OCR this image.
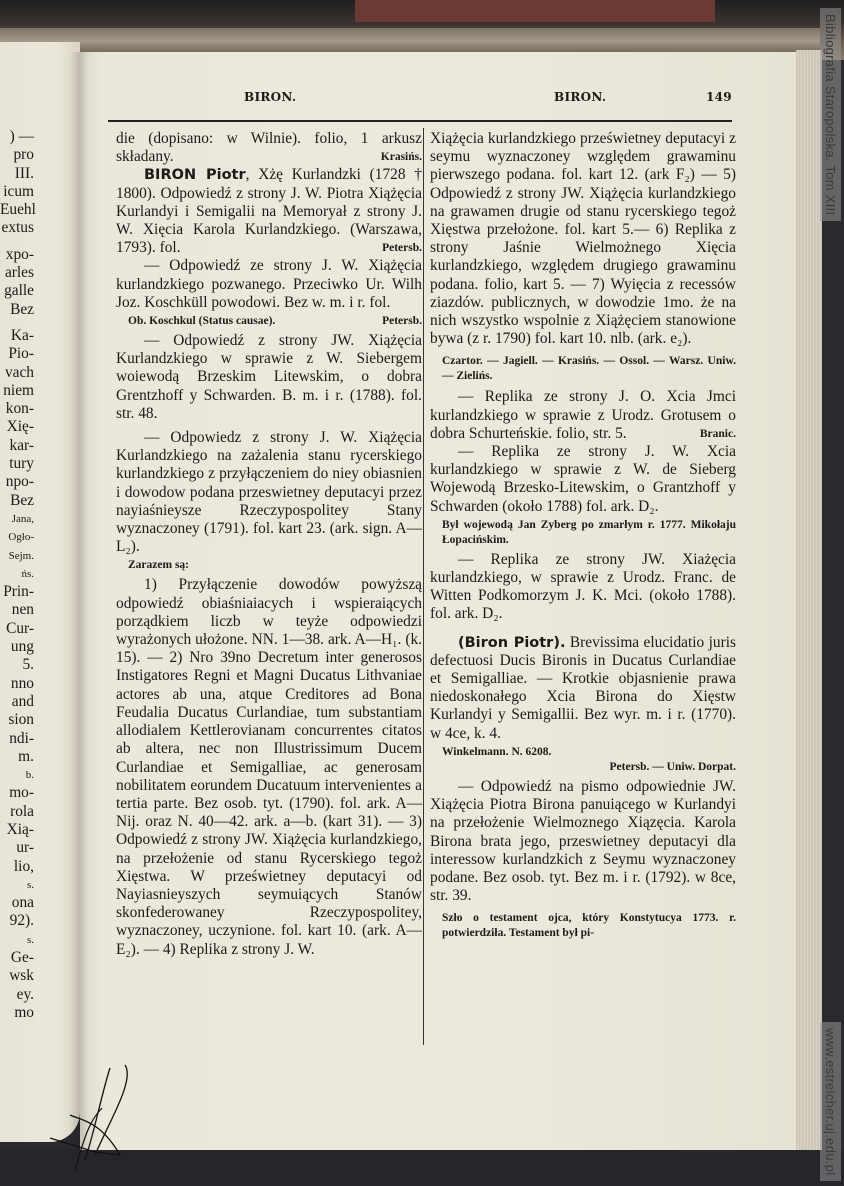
) —
pro
III.
icum
Euehl
extus
xpo-
arles
galle
Bez
Ka-
Pio-
vach
niem
kon-
Xię-
kar-
tury
npo-
Bez
Jana,
Ogło-
Sejm.
ńs.
Prin-
nen
Cur-
ung
5.
nno
and
sion
ndi-
m.
b.
mo-
rola
Xią-
ur-
lio,
s.
ona
92).
s.
Ge-
wsk
ey.
mo
BIRON.	BIRON.	149

die (dopisano: w Wilnie). folio, 1 arkusz składany.	Krasińs.

BIRON Piotr, Xżę Kurlandzki (1728 † 1800). Odpowiedź z strony J. W. Piotra Xiążęcia Kurlandyi i Semigalii na Memoryał z strony J. W. Xięcia Karola Kurlandzkiego. (Warszawa, 1793). fol.	Petersb.

— Odpowiedź ze strony J. W. Xiążęcia kurlandzkiego pozwanego. Przeciwko Ur. Wilh Joz. Koschküll powodowi. Bez w. m. i r. fol.

Ob. Koschkul (Status causae).	Petersb.

— Odpowiedź z strony JW. Xiążęcia Kurlandzkiego w sprawie z W. Siebergem woiewodą Brzeskim Litewskim, o dobra Grentzhoff y Schwarden. B. m. i r. (1788). fol. str. 48.

— Odpowiedz z strony J. W. Xiążęcia Kurlandzkiego na zażalenia stanu rycerskiego kurlandzkiego z przyłączeniem do niey obiasnien i dowodow podana przeswietney deputacyi przez nayiaśnieysze Rzeczypospolitey Stany wyznaczoney (1791). fol. kart 23. (ark. sign. A—L₂).

Zarazem są:

1) Przyłączenie dowodów powyższą odpowiedź obiaśniaiacych i wspieraiących porządkiem liczb w teyże odpowiedzi wyrażonych ułożone. NN. 1—38. ark. A—H₁. (k. 15). — 2) Nro 39no Decretum inter generosos Instigatores Regni et Magni Ducatus Lithvaniae actores ab una, atque Creditores ad Bona Feudalia Ducatus Curlandiae, tum substantiam allodialem Kettlerovianam concurrentes citatos ab altera, nec non Illustrissimum Ducem Curlandiae et Semigalliae, ac generosam nobilitatem eorundem Ducatuum intervenientes a tertia parte. Bez osob. tyt. (1790). fol. ark. A—Nij. oraz N. 40—42. ark. a—b. (kart 31). — 3) Odpowiedź z strony JW. Xiążęcia kurlandzkiego, na przełożenie od stanu Rycerskiego tegoż Xięstwa. W prześwietney deputacyi od Nayiasnieyszych seymuiących Stanów skonfederowaney Rzeczypospolitey, wyznaczoney, uczynione. fol. kart 10. (ark. A—E₂). — 4) Replika z strony J. W.

Xiążęcia kurlandzkiego prześwietney deputacyi z seymu wyznaczoney względem grawaminu pierwszego podana. fol. kart 12. (ark F₂) — 5) Odpowiedź z strony JW. Xiążęcia kurlandzkiego na grawamen drugie od stanu rycerskiego tegoż Xięstwa przełożone. fol. kart 5.— 6) Replika z strony Jaśnie Wielmożnego Xięcia kurlandzkiego, względem drugiego grawaminu podana. folio, kart 5. — 7) Wyięcia z recessów ziazdów. publicznych, w dowodzie 1mo. że na nich wszystko wspolnie z Xiążęciem stanowione bywa (z r. 1790) fol. kart 10. nlb. (ark. e₂).

Czartor. — Jagiell. — Krasińs. — Ossol. — Warsz. Uniw. — Zielińs.

— Replika ze strony J. O. Xcia Jmci kurlandzkiego w sprawie z Urodz. Grotusem o dobra Schurteńskie. folio, str. 5.	Branic.

— Replika ze strony J. W. Xcia kurlandzkiego w sprawie z W. de Sieberg Wojewodą Brzesko-Litewskim, o Grantzhoff y Schwarden (około 1788) fol. ark. D₂.

Był wojewodą Jan Zyberg po zmarłym r. 1777. Mikołaju Łopacińskim.

— Replika ze strony JW. Xiażęcia kurlandzkiego, w sprawie z Urodz. Franc. de Witten Podkomorzym J. K. Mci. (około 1788). fol. ark. D₂.

(Biron Piotr). Brevissima elucidatio juris defectuosi Ducis Bironis in Ducatus Curlandiae et Semigalliae. — Krotkie objasnienie prawa niedoskonałego Xcia Birona do Xięstw Kurlandyi y Semigallii. Bez wyr. m. i r. (1770). w 4ce, k. 4.

Winkelmann. N. 6208.

Petersb. — Uniw. Dorpat.

— Odpowiedź na pismo odpowiednie JW. Xiążęcia Piotra Birona panuiącego w Kurlandyi na przełożenie Wielmoznego Xiązęcia. Karola Birona brata jego, przeswietney deputacyi dla interessow kurlandzkich z Seymu wyznaczoney podane. Bez osob. tyt. Bez m. i r. (1792). w 8ce, str. 39.

Szło o testament ojca, który Konstytucya 1773. r. potwierdziła. Testament był pi-

Bibliografia Staropolska. Tom XIII
www.estreicher.uj.edu.pl
